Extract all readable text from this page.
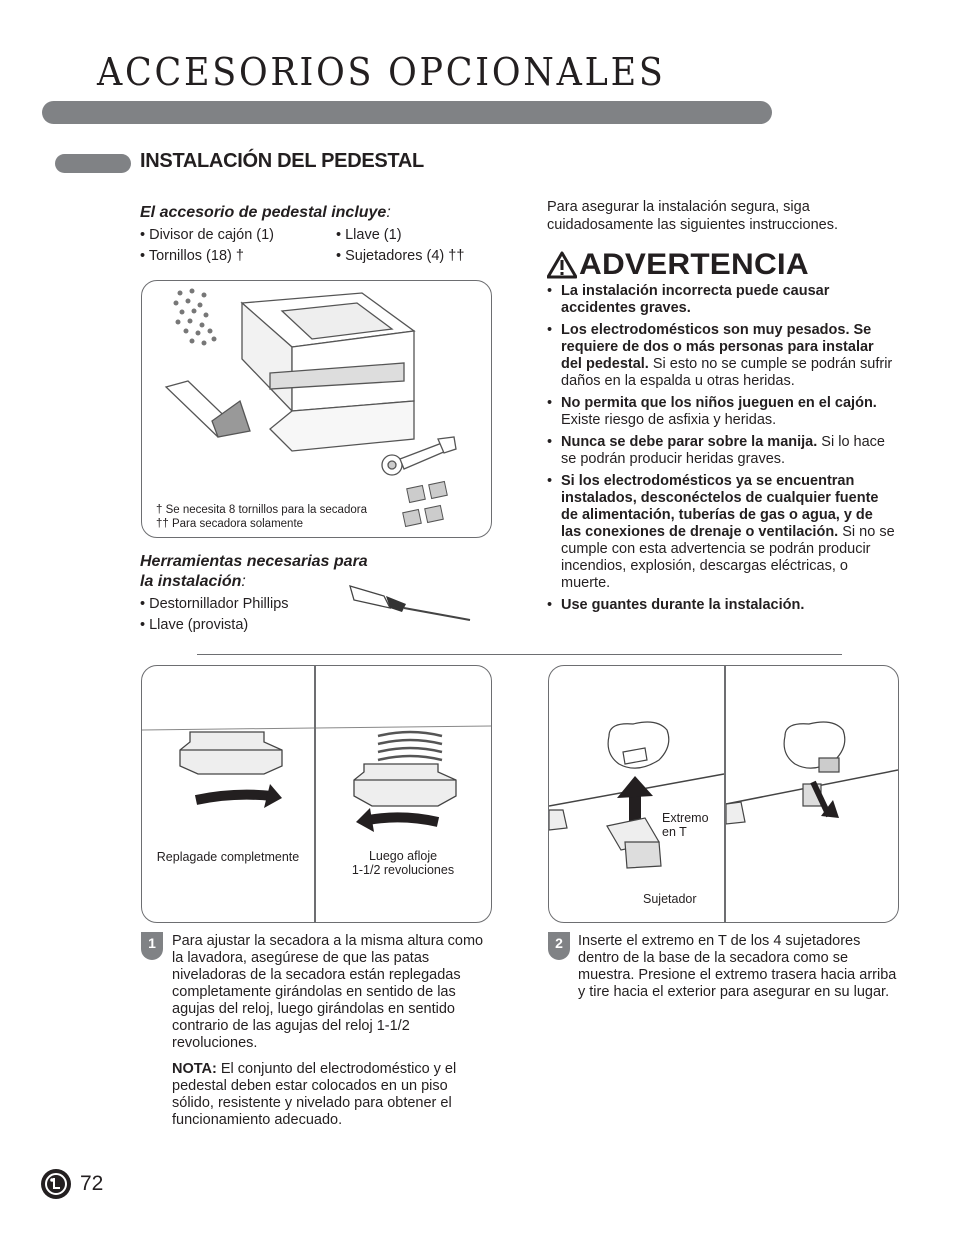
ACCESORIOS OPCIONALES
INSTALACIÓN DEL PEDESTAL
El accesorio de pedestal incluye:
• Divisor de cajón (1)	• Llave (1)
• Tornillos (18) †	• Sujetadores (4) ††
† Se necesita 8 tornillos para la secadora
†† Para secadora solamente
Herramientas necesarias para
la instalación:
• Destornillador Phillips
• Llave (provista)
Para asegurar la instalación segura, siga
cuidadosamente las siguientes instrucciones.
ADVERTENCIA
• La instalación incorrecta puede causar accidentes graves.
• Los electrodomésticos son muy pesados. Se requiere de dos o más personas para instalar del pedestal. Si esto no se cumple se podrán sufrir daños en la espalda u otras heridas.
• No permita que los niños jueguen en el cajón. Existe riesgo de asfixia y heridas.
• Nunca se debe parar sobre la manija. Si lo hace se podrán producir heridas graves.
• Si los electrodomésticos ya se encuentran instalados, desconéctelos de cualquier fuente de alimentación, tuberías de gas o agua, y de las conexiones de drenaje o ventilación. Si no se cumple con esta advertencia se podrán producir incendios, explosión, descargas eléctricas, o muerte.
• Use guantes durante la instalación.
Replagade completmente	Luego afloje
1-1/2 revoluciones
1	Para ajustar la secadora a la misma altura como la lavadora, asegúrese de que las patas niveladoras de la secadora están replegadas completamente girándolas en sentido de las agujas del reloj, luego girándolas en sentido contrario de las agujas del reloj 1-1/2 revoluciones.
NOTA: El conjunto del electrodoméstico y el pedestal deben estar colocados en un piso sólido, resistente y nivelado para obtener el funcionamiento adecuado.
Extremo
en T
Sujetador
2	Inserte el extremo en T de los 4 sujetadores dentro de la base de la secadora como se muestra. Presione el extremo trasera hacia arriba y tire hacia el exterior para asegurar en su lugar.
72
